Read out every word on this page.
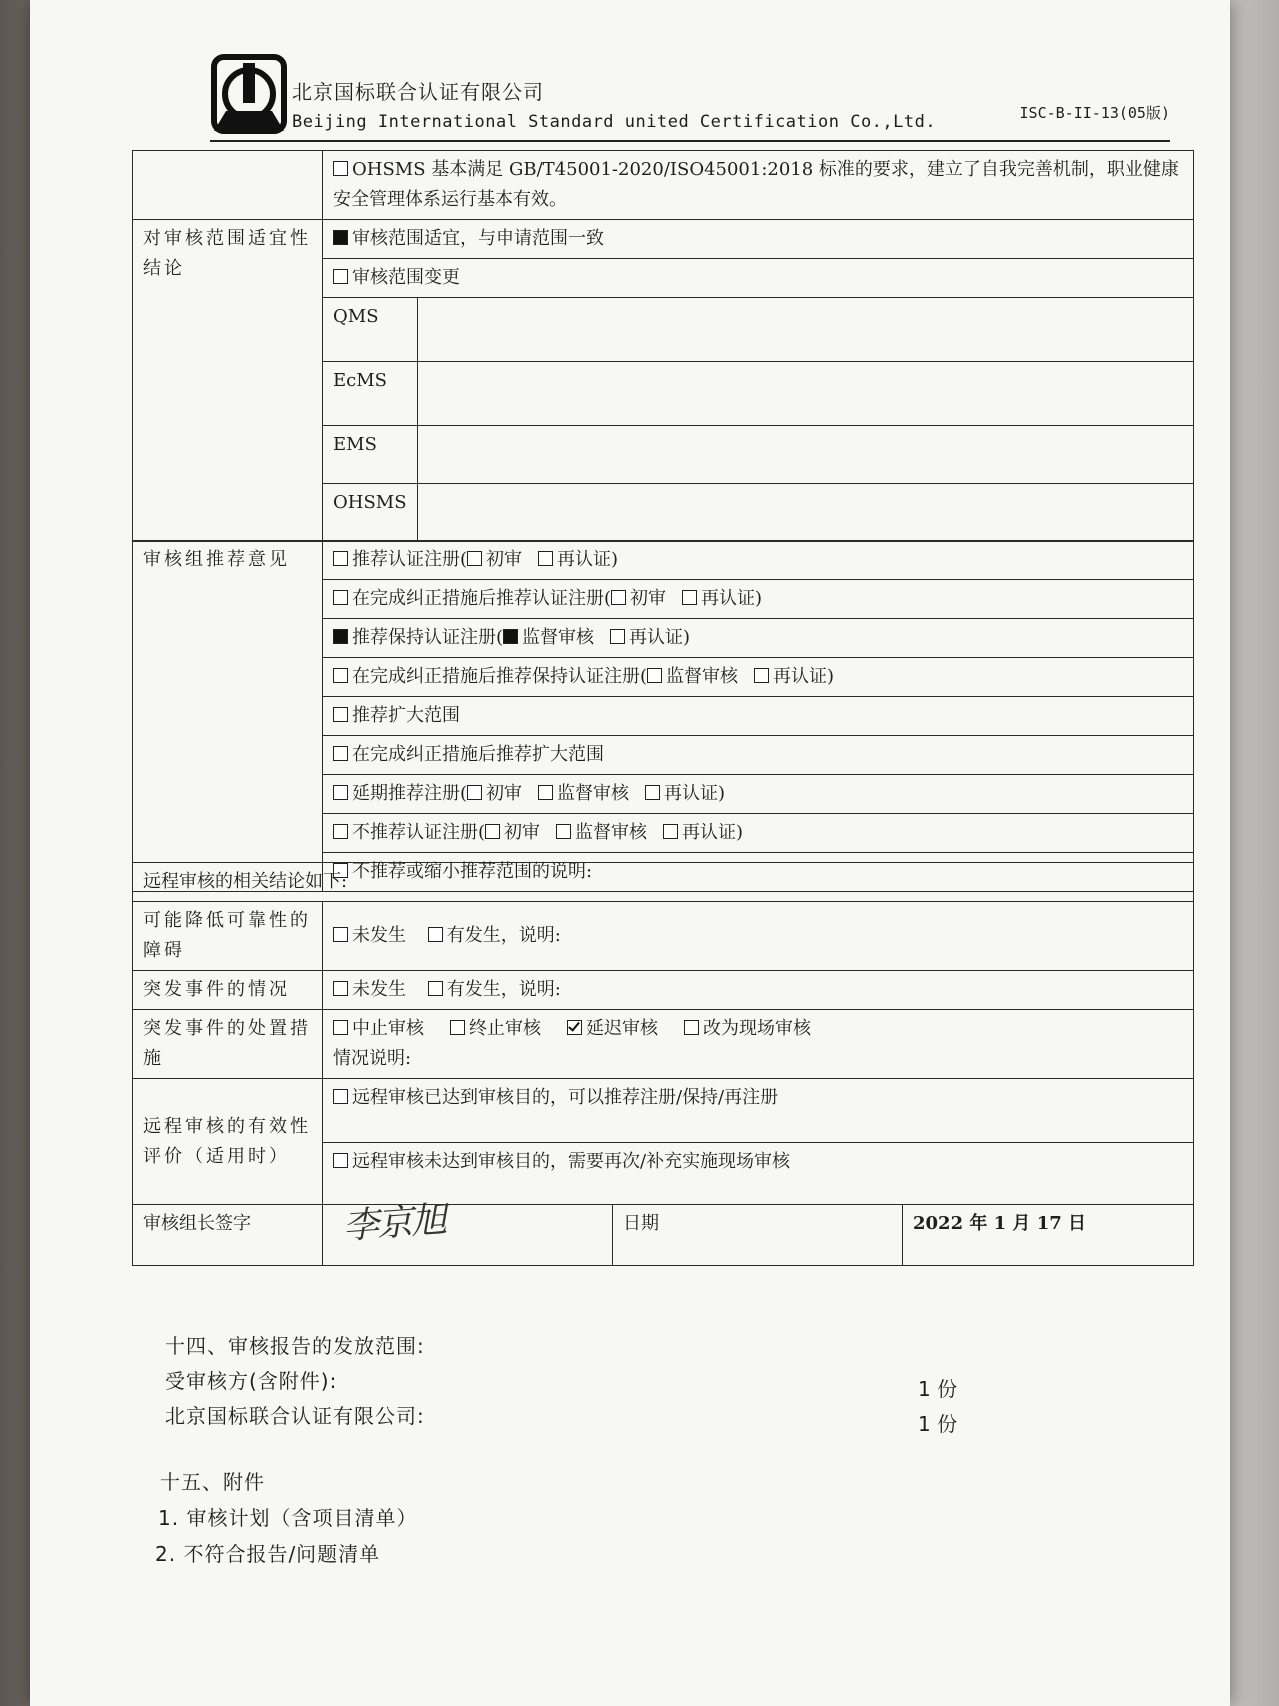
北京国标联合认证有限公司
Beijing International Standard united Certification Co.,Ltd.	ISC-B-II-13(05版)
	OHSMS 基本满足 GB/T45001-2020/ISO45001:2018 标准的要求，建立了自我完善机制，职业健康安全管理体系运行基本有效。	
对审核范围适宜性结论	审核范围适宜，与申请范围一致	
	审核范围变更	
	QMS	
	EcMS	
	EMS	
	OHSMS	
审核组推荐意见	推荐认证注册( 初审 再认证)
在完成纠正措施后推荐认证注册( 初审 再认证)
推荐保持认证注册( 监督审核 再认证)
在完成纠正措施后推荐保持认证注册( 监督审核 再认证)
推荐扩大范围
在完成纠正措施后推荐扩大范围
延期推荐注册( 初审 监督审核 再认证)
不推荐认证注册( 初审 监督审核 再认证)
不推荐或缩小推荐范围的说明:
远程审核的相关结论如下:			
可能降低可靠性的障碍	未发生 有发生，说明:		
突发事件的情况	未发生 有发生，说明:		
突发事件的处置措施	中止审核 终止审核 延迟审核 改为现场审核
情况说明:		

远程审核的有效性评价（适用时）	远程审核已达到审核目的，可以推荐注册/保持/再注册		
	远程审核未达到审核目的，需要再次/补充实施现场审核		
审核组长签字	李京旭	日期	2022 年 1 月 17 日
十四、审核报告的发放范围:
受审核方(含附件):	1 份
北京国标联合认证有限公司:	1 份
十五、附件
1. 审核计划（含项目清单）
2. 不符合报告/问题清单
